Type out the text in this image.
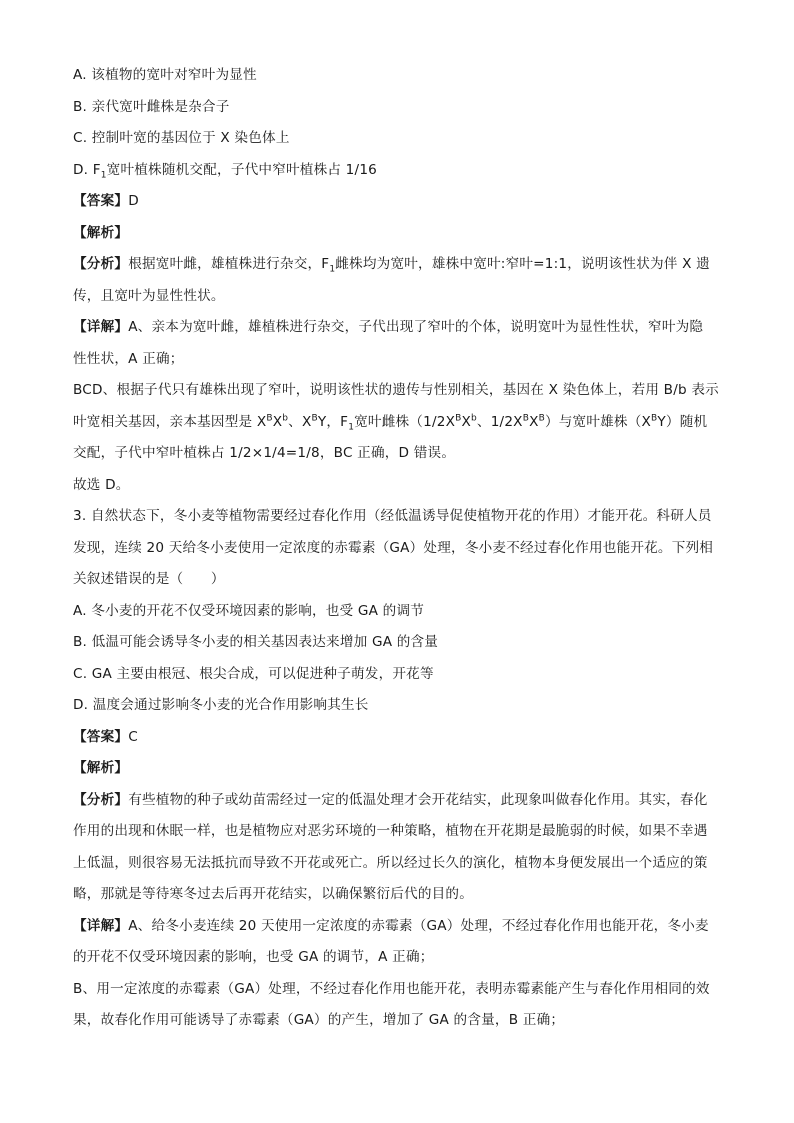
A. 该植物的宽叶对窄叶为显性
B. 亲代宽叶雌株是杂合子
C. 控制叶宽的基因位于 X 染色体上
D. $F_1$宽叶植株随机交配，子代中窄叶植株占 1/16
【答案】D
【解析】
【分析】根据宽叶雌，雄植株进行杂交，$F_1$雌株均为宽叶，雄株中宽叶:窄叶=1:1，说明该性状为伴 X 遗
传，且宽叶为显性性状。
【详解】A、亲本为宽叶雌，雄植株进行杂交，子代出现了窄叶的个体，说明宽叶为显性性状，窄叶为隐
性性状，A 正确；
BCD、根据子代只有雄株出现了窄叶，说明该性状的遗传与性别相关，基因在 X 染色体上，若用 B/b 表示
叶宽相关基因，亲本基因型是 $X^BX^b$、$X^BY$，$F_1$宽叶雌株（$1/2X^BX^b$、$1/2X^BX^B$）与宽叶雄株$(X^BY)$随机
交配，子代中窄叶植株占 1/2×1/4=1/8，BC 正确，D 错误。
故选 D。
3. 自然状态下，冬小麦等植物需要经过春化作用（经低温诱导促使植物开花的作用）才能开花。科研人员
发现，连续 20 天给冬小麦使用一定浓度的赤霉素（GA）处理，冬小麦不经过春化作用也能开花。下列相
关叙述错误的是（　　）
A. 冬小麦的开花不仅受环境因素的影响，也受 GA 的调节
B. 低温可能会诱导冬小麦的相关基因表达来增加 GA 的含量
C. GA 主要由根冠、根尖合成，可以促进种子萌发，开花等
D. 温度会通过影响冬小麦的光合作用影响其生长
【答案】C
【解析】
【分析】有些植物的种子或幼苗需经过一定的低温处理才会开花结实，此现象叫做春化作用。其实，春化
作用的出现和休眠一样，也是植物应对恶劣环境的一种策略，植物在开花期是最脆弱的时候，如果不幸遇
上低温，则很容易无法抵抗而导致不开花或死亡。所以经过长久的演化，植物本身便发展出一个适应的策
略，那就是等待寒冬过去后再开花结实，以确保繁衍后代的目的。
【详解】A、给冬小麦连续 20 天使用一定浓度的赤霉素（GA）处理，不经过春化作用也能开花，冬小麦
的开花不仅受环境因素的影响，也受 GA 的调节，A 正确；
B、用一定浓度的赤霉素（GA）处理，不经过春化作用也能开花，表明赤霉素能产生与春化作用相同的效
果，故春化作用可能诱导了赤霉素（GA）的产生，增加了 GA 的含量，B 正确；
